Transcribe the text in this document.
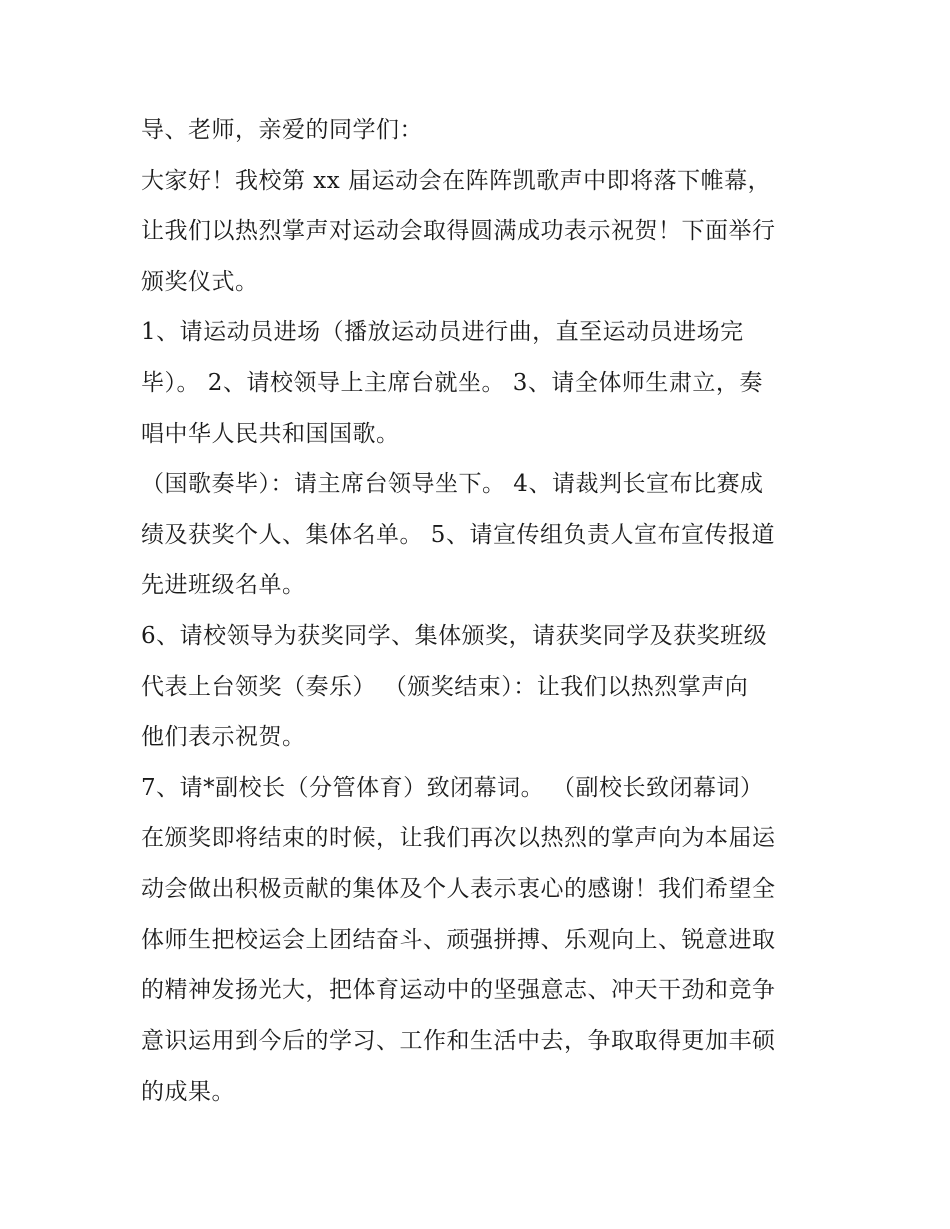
导、老师，亲爱的同学们：
大家好！我校第 xx 届运动会在阵阵凯歌声中即将落下帷幕，
让我们以热烈掌声对运动会取得圆满成功表示祝贺！下面举行
颁奖仪式。
1、请运动员进场（播放运动员进行曲，直至运动员进场完
毕）。 2、请校领导上主席台就坐。 3、请全体师生肃立，奏
唱中华人民共和国国歌。
（国歌奏毕）：请主席台领导坐下。 4、请裁判长宣布比赛成
绩及获奖个人、集体名单。 5、请宣传组负责人宣布宣传报道
先进班级名单。
6、请校领导为获奖同学、集体颁奖，请获奖同学及获奖班级
代表上台领奖（奏乐） （颁奖结束）：让我们以热烈掌声向
他们表示祝贺。
7、请*副校长（分管体育）致闭幕词。 （副校长致闭幕词）
在颁奖即将结束的时候，让我们再次以热烈的掌声向为本届运
动会做出积极贡献的集体及个人表示衷心的感谢！我们希望全
体师生把校运会上团结奋斗、顽强拼搏、乐观向上、锐意进取
的精神发扬光大，把体育运动中的坚强意志、冲天干劲和竞争
意识运用到今后的学习、工作和生活中去，争取取得更加丰硕
的成果。
